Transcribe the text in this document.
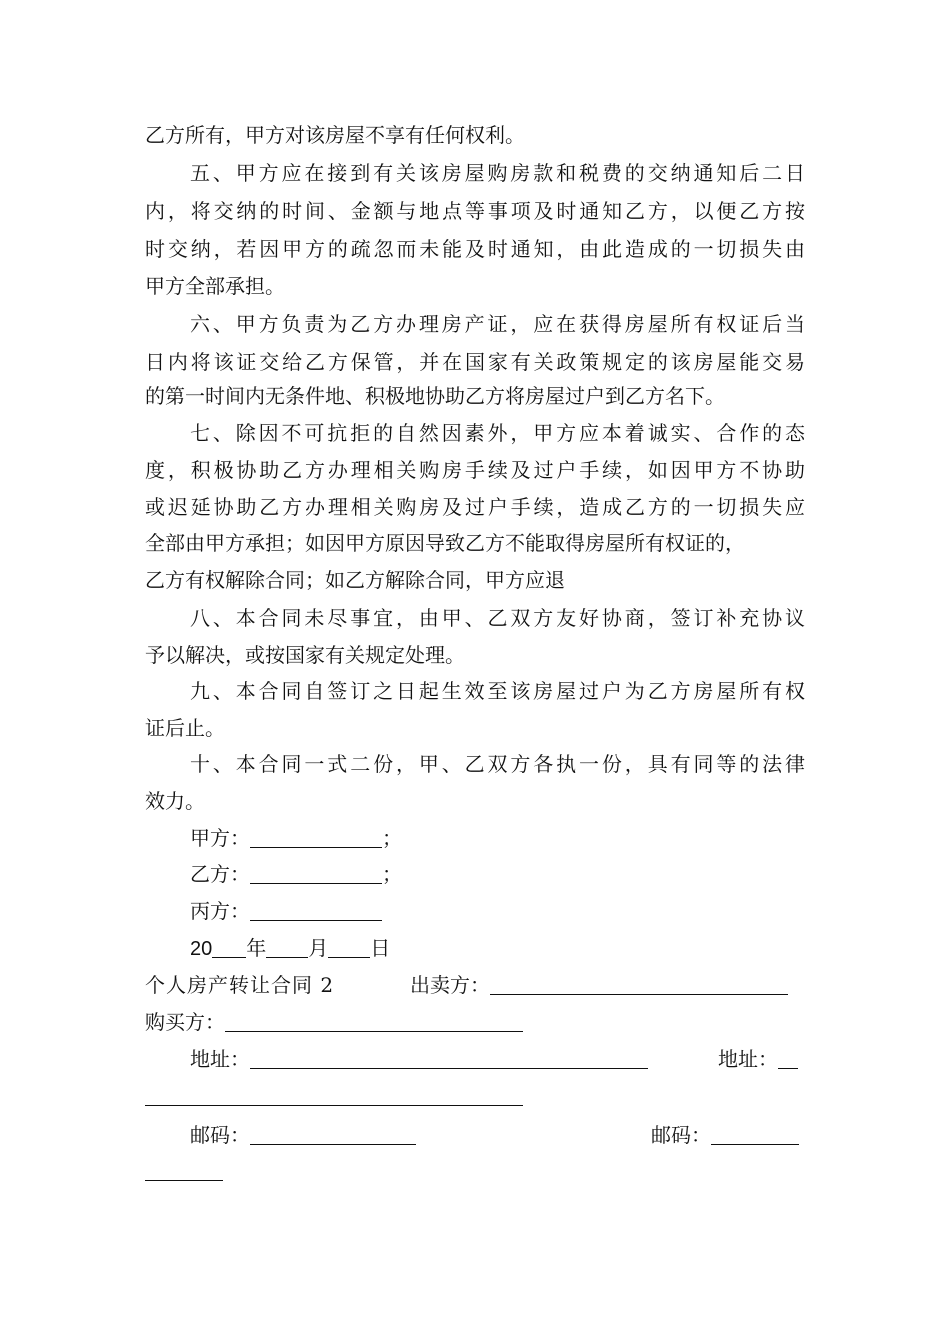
乙方所有，甲方对该房屋不享有任何权利。
五、甲方应在接到有关该房屋购房款和税费的交纳通知后二日
内，将交纳的时间、金额与地点等事项及时通知乙方，以便乙方按
时交纳，若因甲方的疏忽而未能及时通知，由此造成的一切损失由
甲方全部承担。
六、甲方负责为乙方办理房产证，应在获得房屋所有权证后当
日内将该证交给乙方保管，并在国家有关政策规定的该房屋能交易
的第一时间内无条件地、积极地协助乙方将房屋过户到乙方名下。
七、除因不可抗拒的自然因素外，甲方应本着诚实、合作的态
度，积极协助乙方办理相关购房手续及过户手续，如因甲方不协助
或迟延协助乙方办理相关购房及过户手续，造成乙方的一切损失应
全部由甲方承担；如因甲方原因导致乙方不能取得房屋所有权证的，
乙方有权解除合同；如乙方解除合同，甲方应退
八、本合同未尽事宜，由甲、乙双方友好协商，签订补充协议
予以解决，或按国家有关规定处理。
九、本合同自签订之日起生效至该房屋过户为乙方房屋所有权
证后止。
十、本合同一式二份，甲、乙双方各执一份，具有同等的法律
效力。
甲方：	；
乙方：	；
丙方：
20 年 月 日
个人房产转让合同 2	出卖方：
购买方：
地址：	地址：
邮码：	邮码：
